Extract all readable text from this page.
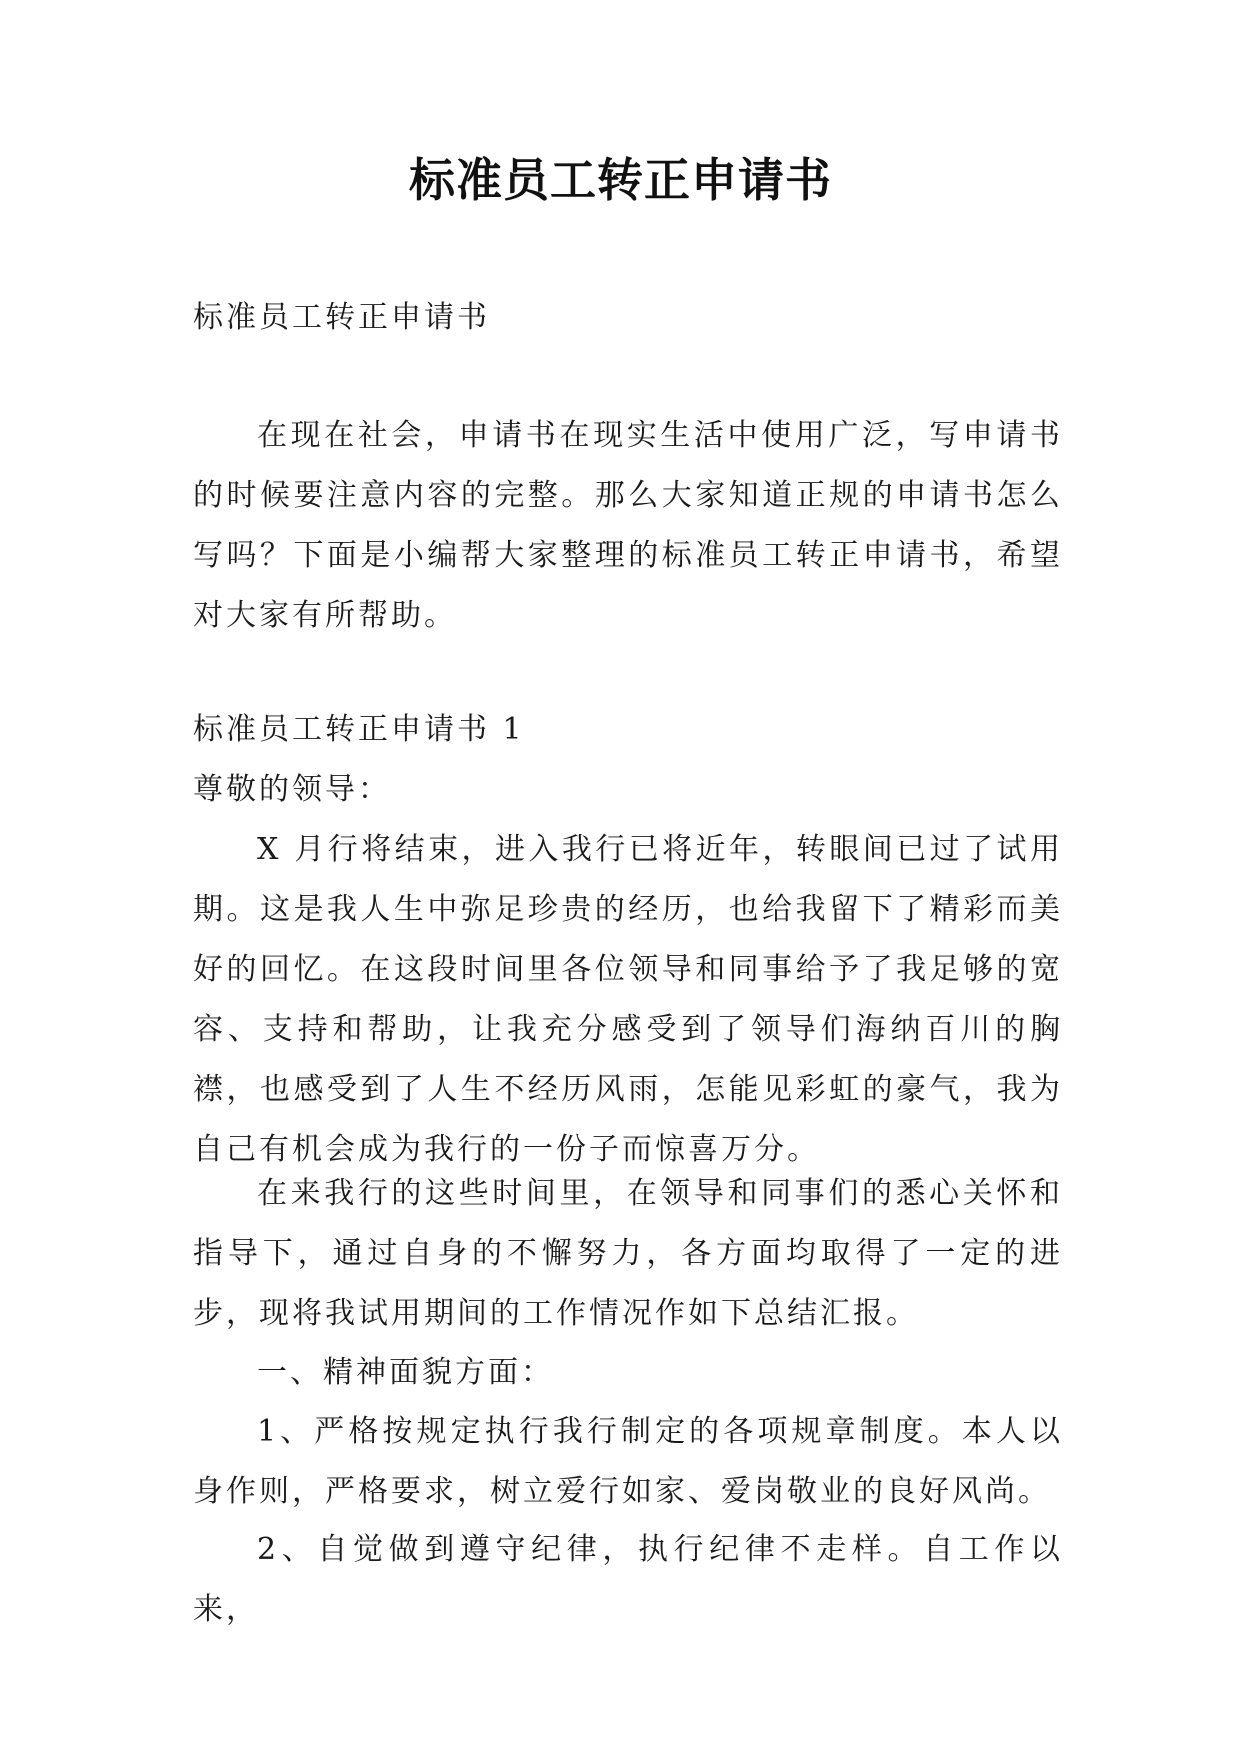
标准员工转正申请书

标准员工转正申请书

在现在社会，申请书在现实生活中使用广泛，写申请书的时候要注意内容的完整。那么大家知道正规的申请书怎么写吗？下面是小编帮大家整理的标准员工转正申请书，希望对大家有所帮助。

标准员工转正申请书 1

尊敬的领导：

X 月行将结束，进入我行已将近年，转眼间已过了试用期。这是我人生中弥足珍贵的经历，也给我留下了精彩而美好的回忆。在这段时间里各位领导和同事给予了我足够的宽容、支持和帮助，让我充分感受到了领导们海纳百川的胸襟，也感受到了人生不经历风雨，怎能见彩虹的豪气，我为自己有机会成为我行的一份子而惊喜万分。

在来我行的这些时间里，在领导和同事们的悉心关怀和指导下，通过自身的不懈努力，各方面均取得了一定的进步，现将我试用期间的工作情况作如下总结汇报。

一、精神面貌方面：

1、严格按规定执行我行制定的各项规章制度。本人以身作则，严格要求，树立爱行如家、爱岗敬业的良好风尚。

2、自觉做到遵守纪律，执行纪律不走样。自工作以来，
